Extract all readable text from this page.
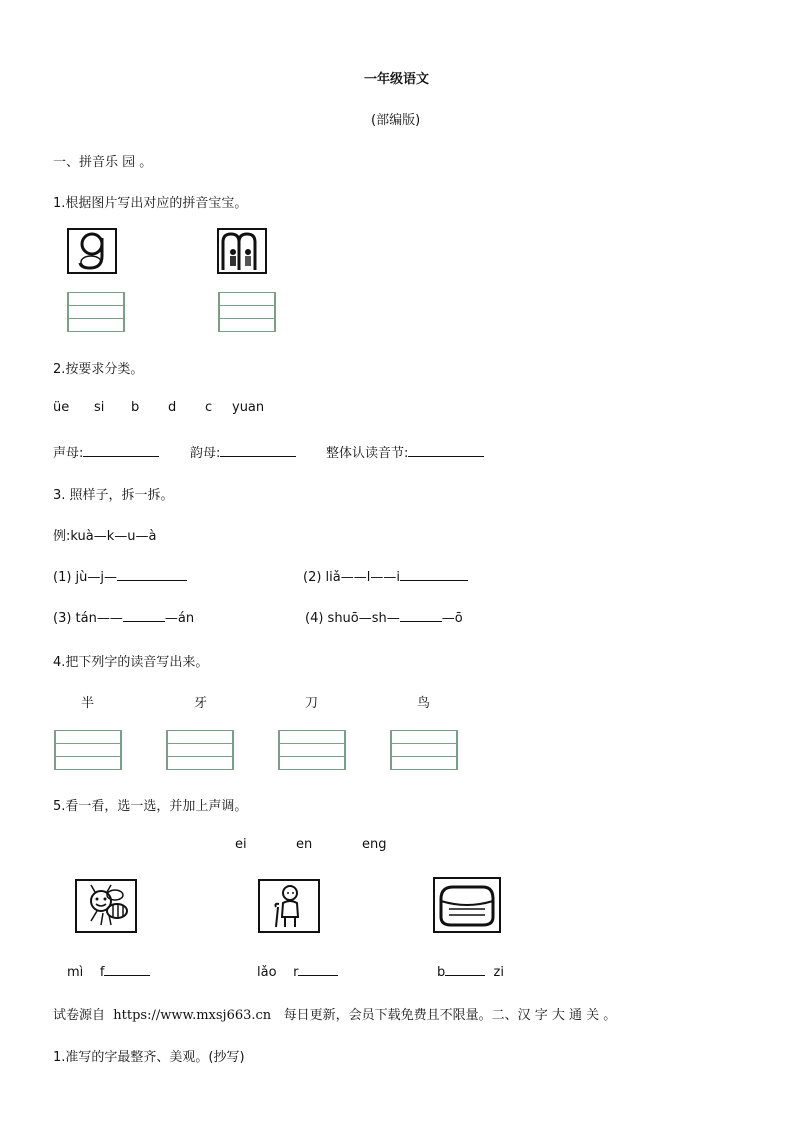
一年级语文
(部编版)
一、拼音乐 园 。
1.根据图片写出对应的拼音宝宝。
2.按要求分类。
üe si b d c yuan
声母:	韵母:	整体认读音节:
3. 照样子，拆一拆。
例:kuà—k—u—à
(1) jù—j—	(2) liǎ——l——i
(3) tán——	—án	(4) shuō—sh—	—ō
4.把下列字的读音写出来。
半	牙	刀	鸟
5.看一看，选一选，并加上声调。
ei	en	eng
mì f	lǎo r	b	zi
试卷源自 https://www.mxsj663.cn 每日更新，会员下载免费且不限量。二、汉 字 大 通 关 。
1.准写的字最整齐、美观。(抄写)
